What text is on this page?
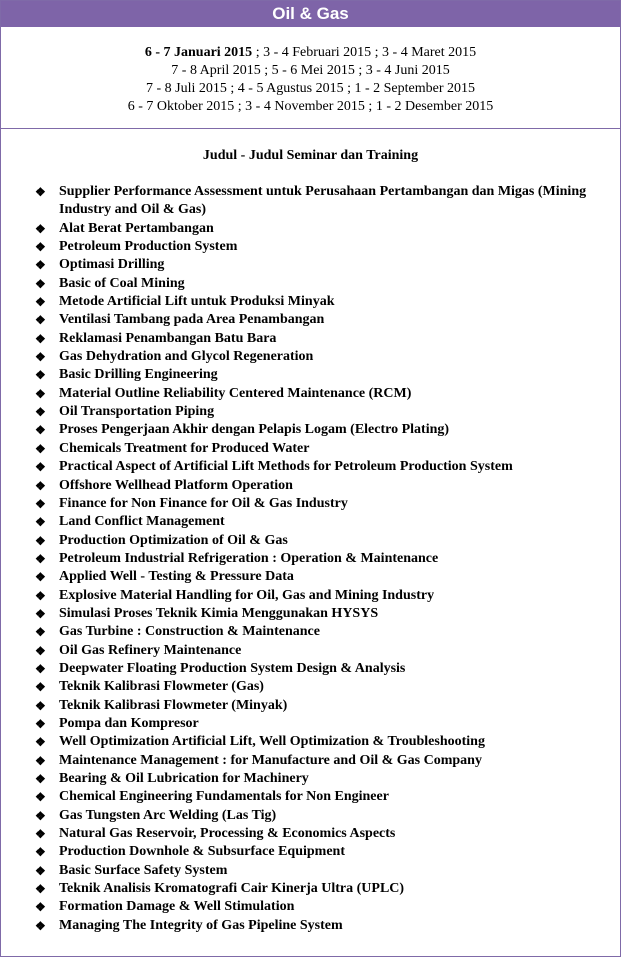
Oil & Gas
6 - 7 Januari 2015 ; 3 - 4 Februari 2015 ; 3 - 4 Maret 2015
7 - 8 April 2015 ; 5 - 6 Mei 2015 ; 3 - 4 Juni 2015
7 - 8 Juli 2015 ; 4 - 5 Agustus 2015 ; 1 - 2 September 2015
6 - 7 Oktober 2015 ; 3 - 4 November 2015 ; 1 - 2 Desember 2015
Judul - Judul Seminar dan Training
❖ Supplier Performance Assessment untuk Perusahaan Pertambangan dan Migas (Mining Industry and Oil & Gas)
❖ Alat Berat Pertambangan
❖ Petroleum Production System
❖ Optimasi Drilling
❖ Basic of Coal Mining
❖ Metode Artificial Lift untuk Produksi Minyak
❖ Ventilasi Tambang pada Area Penambangan
❖ Reklamasi Penambangan Batu Bara
❖ Gas Dehydration and Glycol Regeneration
❖ Basic Drilling Engineering
❖ Material Outline Reliability Centered Maintenance (RCM)
❖ Oil Transportation Piping
❖ Proses Pengerjaan Akhir dengan Pelapis Logam (Electro Plating)
❖ Chemicals Treatment for Produced Water
❖ Practical Aspect of Artificial Lift Methods for Petroleum Production System
❖ Offshore Wellhead Platform Operation
❖ Finance for Non Finance for Oil & Gas Industry
❖ Land Conflict Management
❖ Production Optimization of Oil & Gas
❖ Petroleum Industrial Refrigeration : Operation & Maintenance
❖ Applied Well - Testing & Pressure Data
❖ Explosive Material Handling for Oil, Gas and Mining Industry
❖ Simulasi Proses Teknik Kimia Menggunakan HYSYS
❖ Gas Turbine : Construction & Maintenance
❖ Oil Gas Refinery Maintenance
❖ Deepwater Floating Production System Design & Analysis
❖ Teknik Kalibrasi Flowmeter (Gas)
❖ Teknik Kalibrasi Flowmeter (Minyak)
❖ Pompa dan Kompresor
❖ Well Optimization Artificial Lift, Well Optimization & Troubleshooting
❖ Maintenance Management : for Manufacture and Oil & Gas Company
❖ Bearing & Oil Lubrication for Machinery
❖ Chemical Engineering Fundamentals for Non Engineer
❖ Gas Tungsten Arc Welding (Las Tig)
❖ Natural Gas Reservoir, Processing & Economics Aspects
❖ Production Downhole & Subsurface Equipment
❖ Basic Surface Safety System
❖ Teknik Analisis Kromatografi Cair Kinerja Ultra (UPLC)
❖ Formation Damage & Well Stimulation
❖ Managing The Integrity of Gas Pipeline System
